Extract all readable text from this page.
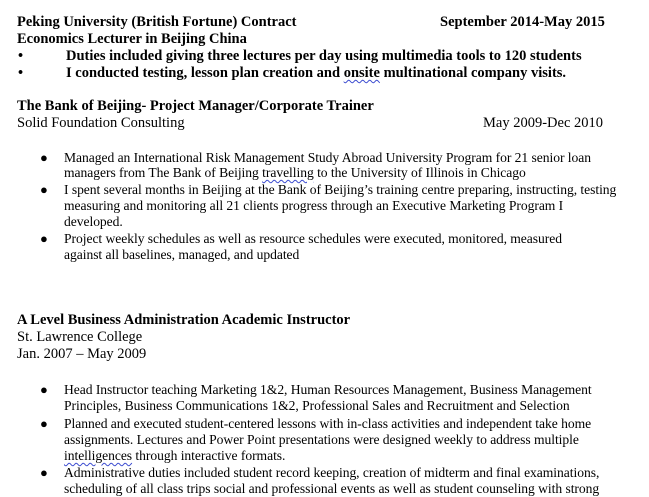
Peking University (British Fortune) Contract	September 2014-May 2015
Economics Lecturer in Beijing China
•	Duties included giving three lectures per day using multimedia tools to 120 students
•	I conducted testing, lesson plan creation and onsite multinational company visits.
The Bank of Beijing- Project Manager/Corporate Trainer
Solid Foundation Consulting	May 2009-Dec 2010
● Managed an International Risk Management Study Abroad University Program for 21 senior loan
managers from The Bank of Beijing travelling to the University of Illinois in Chicago
● I spent several months in Beijing at the Bank of Beijing’s training centre preparing, instructing, testing
measuring and monitoring all 21 clients progress through an Executive Marketing Program I
developed.
● Project weekly schedules as well as resource schedules were executed, monitored, measured
against all baselines, managed, and updated
A Level Business Administration Academic Instructor
St. Lawrence College
Jan. 2007 – May 2009
● Head Instructor teaching Marketing 1&2, Human Resources Management, Business Management
Principles, Business Communications 1&2, Professional Sales and Recruitment and Selection
● Planned and executed student-centered lessons with in-class activities and independent take home
assignments. Lectures and Power Point presentations were designed weekly to address multiple
intelligences through interactive formats.
● Administrative duties included student record keeping, creation of midterm and final examinations,
scheduling of all class trips social and professional events as well as student counseling with strong
